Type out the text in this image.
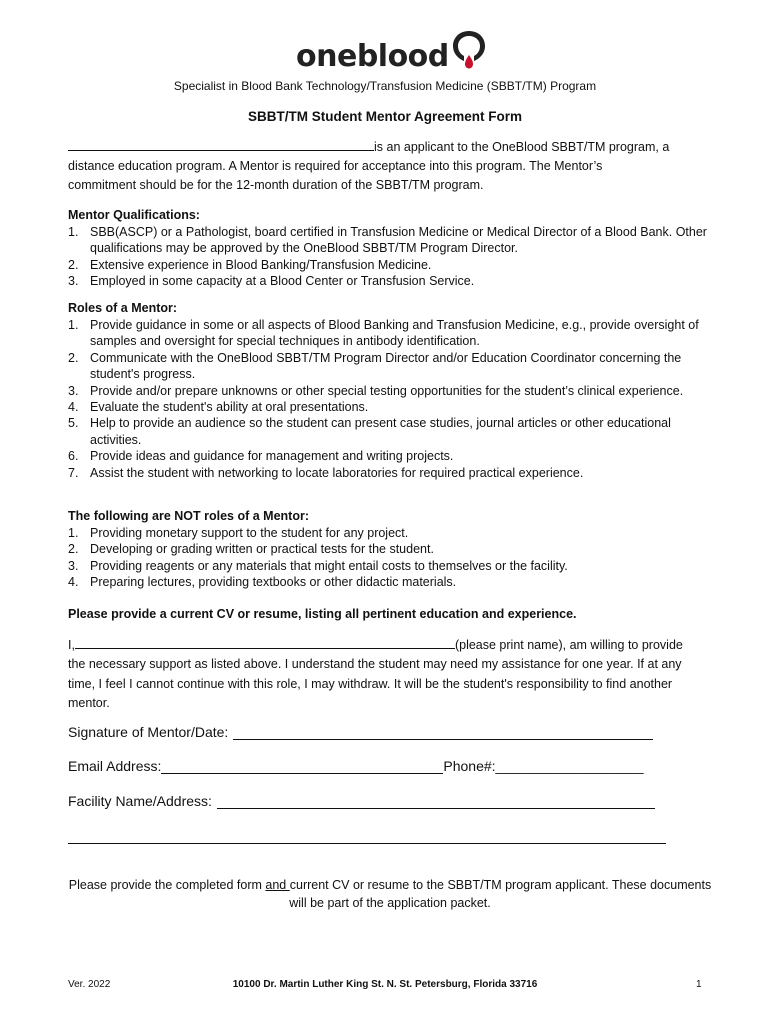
oneblood
Specialist in Blood Bank Technology/Transfusion Medicine (SBBT/TM) Program
SBBT/TM Student Mentor Agreement Form
is an applicant to the OneBlood SBBT/TM program, a
distance education program. A Mentor is required for acceptance into this program. The Mentor’s
commitment should be for the 12-month duration of the SBBT/TM program.
Mentor Qualifications:
1. SBB(ASCP) or a Pathologist, board certified in Transfusion Medicine or Medical Director of a Blood Bank. Other qualifications may be approved by the OneBlood SBBT/TM Program Director.
2. Extensive experience in Blood Banking/Transfusion Medicine.
3. Employed in some capacity at a Blood Center or Transfusion Service.
Roles of a Mentor:
1. Provide guidance in some or all aspects of Blood Banking and Transfusion Medicine, e.g., provide oversight of samples and oversight for special techniques in antibody identification.
2. Communicate with the OneBlood SBBT/TM Program Director and/or Education Coordinator concerning the student's progress.
3. Provide and/or prepare unknowns or other special testing opportunities for the student’s clinical experience.
4. Evaluate the student's ability at oral presentations.
5. Help to provide an audience so the student can present case studies, journal articles or other educational activities.
6. Provide ideas and guidance for management and writing projects.
7. Assist the student with networking to locate laboratories for required practical experience.
The following are NOT roles of a Mentor:
1. Providing monetary support to the student for any project.
2. Developing or grading written or practical tests for the student.
3. Providing reagents or any materials that might entail costs to themselves or the facility.
4. Preparing lectures, providing textbooks or other didactic materials.
Please provide a current CV or resume, listing all pertinent education and experience.
I,	(please print name), am willing to provide the necessary support as listed above. I understand the student may need my assistance for one year. If at any time, I feel I cannot continue with this role, I may withdraw. It will be the student's responsibility to find another mentor.
Signature of Mentor/Date:
Email Address:	Phone#: ___________________
Facility Name/Address:
Please provide the completed form and current CV or resume to the SBBT/TM program applicant. These documents will be part of the application packet.
Ver. 2022	10100 Dr. Martin Luther King St. N. St. Petersburg, Florida 33716	1
